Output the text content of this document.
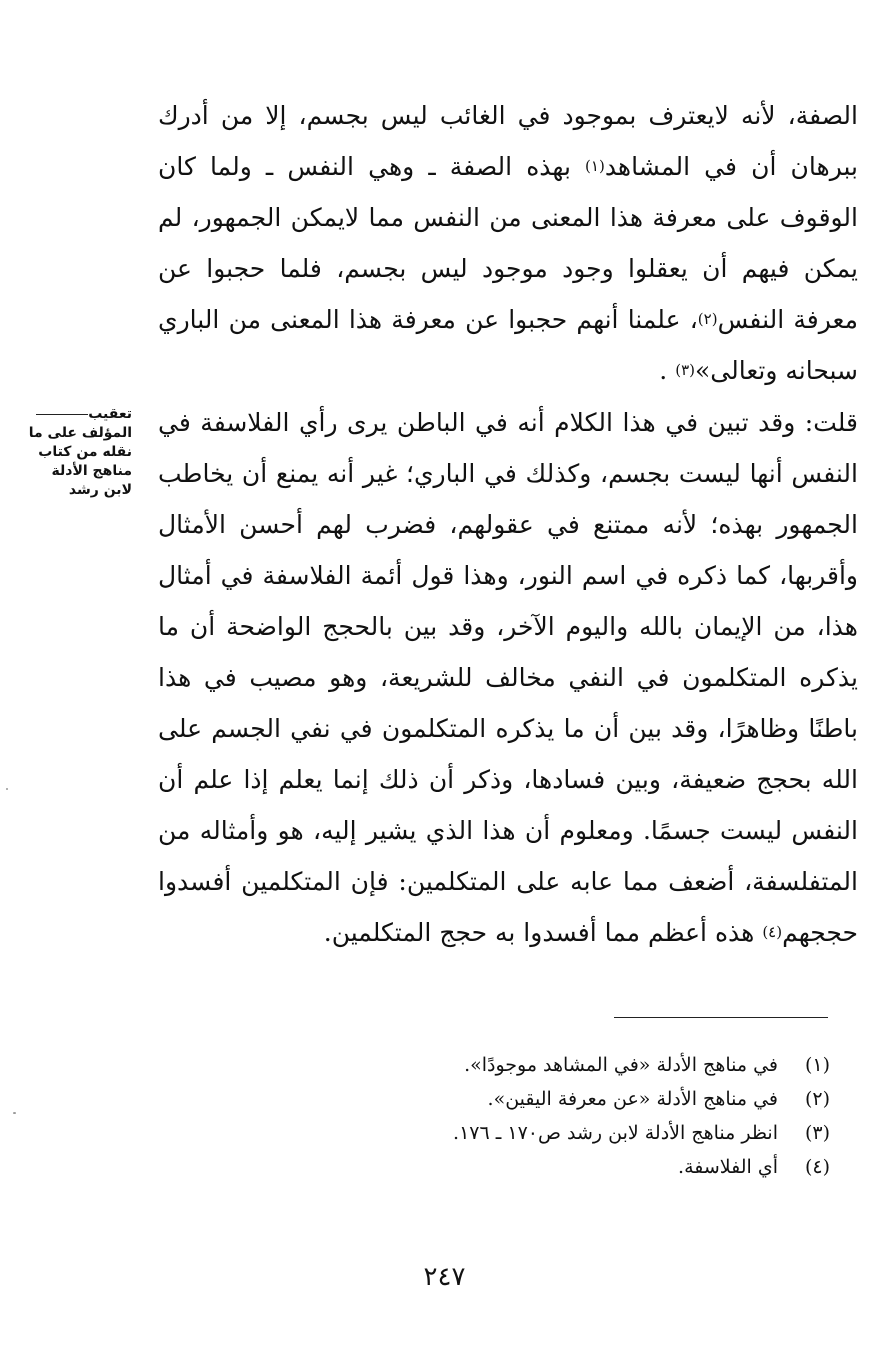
الصفة، لأنه لايعترف بموجود في الغائب ليس بجسم، إلا من أدرك ببرهان أن في المشاهد$^{(١)}$ بهذه الصفة ـ وهي النفس ـ ولما كان الوقوف على معرفة هذا المعنى من النفس مما لايمكن الجمهور، لم يمكن فيهم أن يعقلوا وجود موجود ليس بجسم، فلما حجبوا عن معرفة النفس$^{(٢)}$، علمنا أنهم حجبوا عن معرفة هذا المعنى من الباري سبحانه وتعالى»$^{(٣)}$ .

قلت: وقد تبين في هذا الكلام أنه في الباطن يرى رأي الفلاسفة في النفس أنها ليست بجسم، وكذلك في الباري؛ غير أنه يمنع أن يخاطب الجمهور بهذه؛ لأنه ممتنع في عقولهم، فضرب لهم أحسن الأمثال وأقربها، كما ذكره في اسم النور، وهذا قول أئمة الفلاسفة في أمثال هذا، من الإيمان بالله واليوم الآخر، وقد بين بالحجج الواضحة أن ما يذكره المتكلمون في النفي مخالف للشريعة، وهو مصيب في هذا باطنًا وظاهرًا، وقد بين أن ما يذكره المتكلمون في نفي الجسم على الله بحجج ضعيفة، وبين فسادها، وذكر أن ذلك إنما يعلم إذا علم أن النفس ليست جسمًا. ومعلوم أن هذا الذي يشير إليه، هو وأمثاله من المتفلسفة، أضعف مما عابه على المتكلمين: فإن المتكلمين أفسدوا حججهم$^{(٤)}$ هذه أعظم مما أفسدوا به حجج المتكلمين.

تعقيب المؤلف على ما نقله من كتاب مناهج الأدلة لابن رشد
(١)
في مناهج الأدلة «في المشاهد موجودًا».
(٢)
في مناهج الأدلة «عن معرفة اليقين».
(٣)
انظر مناهج الأدلة لابن رشد ص١٧٠ ـ ١٧٦.
(٤)
أي الفلاسفة.
٢٤٧
